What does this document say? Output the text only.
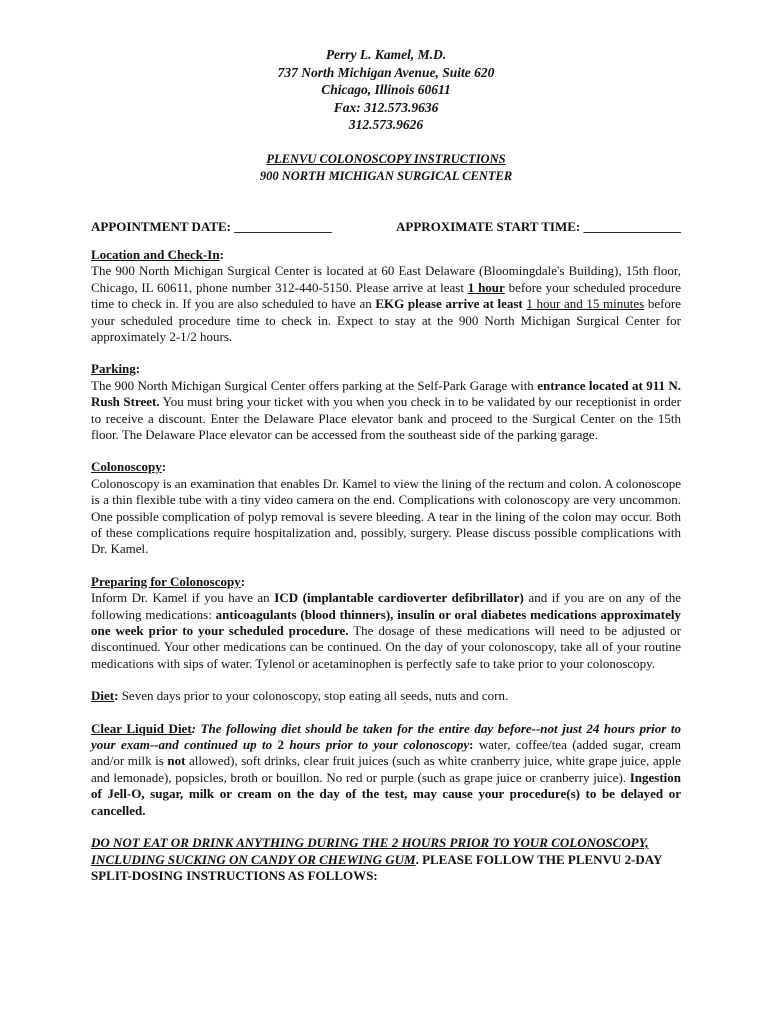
Perry L. Kamel, M.D.
737 North Michigan Avenue, Suite 620
Chicago, Illinois 60611
Fax: 312.573.9636
312.573.9626
PLENVU COLONOSCOPY INSTRUCTIONS
900 NORTH MICHIGAN SURGICAL CENTER
APPOINTMENT DATE: _______________	APPROXIMATE START TIME: _______________

Location and Check-In:
The 900 North Michigan Surgical Center is located at 60 East Delaware (Bloomingdale's Building), 15th floor, Chicago, IL 60611, phone number 312-440-5150. Please arrive at least 1 hour before your scheduled procedure time to check in. If you are also scheduled to have an EKG please arrive at least 1 hour and 15 minutes before your scheduled procedure time to check in. Expect to stay at the 900 North Michigan Surgical Center for approximately 2-1/2 hours.

Parking:
The 900 North Michigan Surgical Center offers parking at the Self-Park Garage with entrance located at 911 N. Rush Street. You must bring your ticket with you when you check in to be validated by our receptionist in order to receive a discount. Enter the Delaware Place elevator bank and proceed to the Surgical Center on the 15th floor. The Delaware Place elevator can be accessed from the southeast side of the parking garage.

Colonoscopy:
Colonoscopy is an examination that enables Dr. Kamel to view the lining of the rectum and colon. A colonoscope is a thin flexible tube with a tiny video camera on the end. Complications with colonoscopy are very uncommon. One possible complication of polyp removal is severe bleeding. A tear in the lining of the colon may occur. Both of these complications require hospitalization and, possibly, surgery. Please discuss possible complications with Dr. Kamel.

Preparing for Colonoscopy:
Inform Dr. Kamel if you have an ICD (implantable cardioverter defibrillator) and if you are on any of the following medications: anticoagulants (blood thinners), insulin or oral diabetes medications approximately one week prior to your scheduled procedure. The dosage of these medications will need to be adjusted or discontinued. Your other medications can be continued. On the day of your colonoscopy, take all of your routine medications with sips of water. Tylenol or acetaminophen is perfectly safe to take prior to your colonoscopy.

Diet: Seven days prior to your colonoscopy, stop eating all seeds, nuts and corn.

Clear Liquid Diet: The following diet should be taken for the entire day before--not just 24 hours prior to your exam--and continued up to 2 hours prior to your colonoscopy: water, coffee/tea (added sugar, cream and/or milk is not allowed), soft drinks, clear fruit juices (such as white cranberry juice, white grape juice, apple and lemonade), popsicles, broth or bouillon. No red or purple (such as grape juice or cranberry juice). Ingestion of Jell-O, sugar, milk or cream on the day of the test, may cause your procedure(s) to be delayed or cancelled.

DO NOT EAT OR DRINK ANYTHING DURING THE 2 HOURS PRIOR TO YOUR COLONOSCOPY, INCLUDING SUCKING ON CANDY OR CHEWING GUM. PLEASE FOLLOW THE PLENVU 2-DAY SPLIT-DOSING INSTRUCTIONS AS FOLLOWS:
